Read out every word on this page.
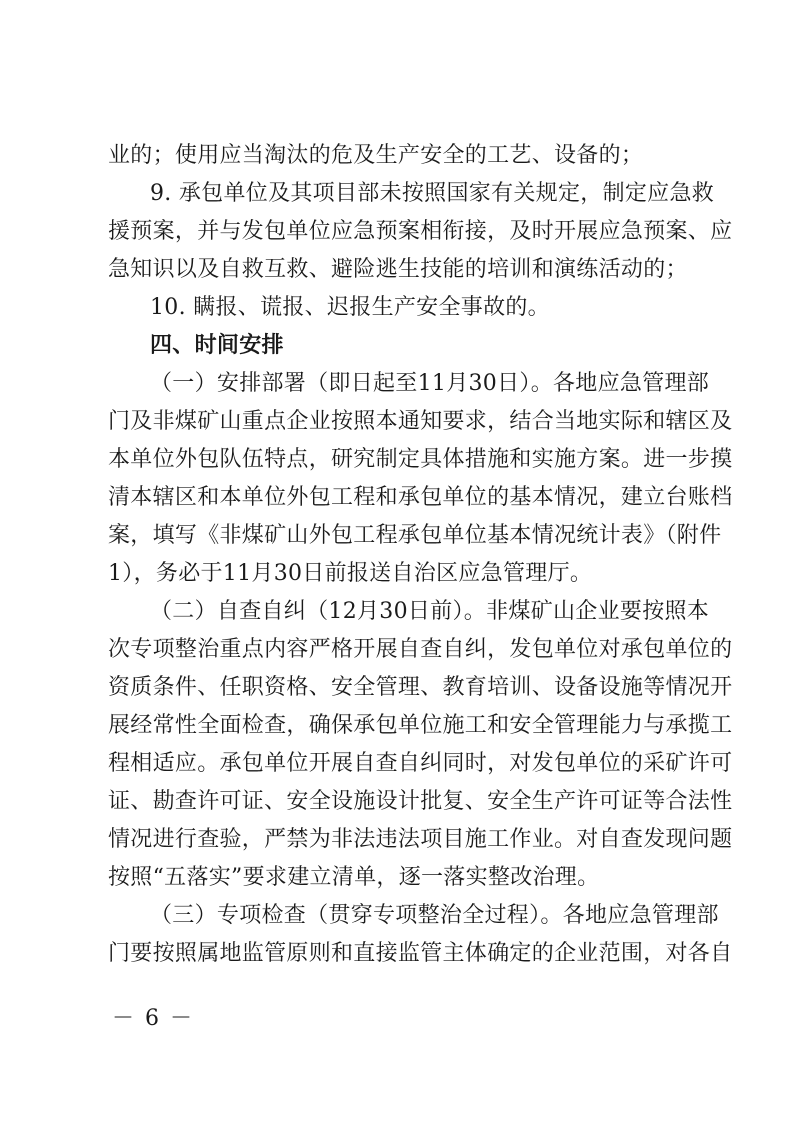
业的；使用应当淘汰的危及生产安全的工艺、设备的；
9. 承包单位及其项目部未按照国家有关规定，制定应急救
援预案，并与发包单位应急预案相衔接，及时开展应急预案、应
急知识以及自救互救、避险逃生技能的培训和演练活动的；
10. 瞒报、谎报、迟报生产安全事故的。
四、时间安排
（一）安排部署（即日起至11月30日）。各地应急管理部
门及非煤矿山重点企业按照本通知要求，结合当地实际和辖区及
本单位外包队伍特点，研究制定具体措施和实施方案。进一步摸
清本辖区和本单位外包工程和承包单位的基本情况，建立台账档
案，填写《非煤矿山外包工程承包单位基本情况统计表》（附件
1），务必于11月30日前报送自治区应急管理厅。
（二）自查自纠（12月30日前）。非煤矿山企业要按照本
次专项整治重点内容严格开展自查自纠，发包单位对承包单位的
资质条件、任职资格、安全管理、教育培训、设备设施等情况开
展经常性全面检查，确保承包单位施工和安全管理能力与承揽工
程相适应。承包单位开展自查自纠同时，对发包单位的采矿许可
证、勘查许可证、安全设施设计批复、安全生产许可证等合法性
情况进行查验，严禁为非法违法项目施工作业。对自查发现问题
按照“五落实”要求建立清单，逐一落实整改治理。
（三）专项检查（贯穿专项整治全过程）。各地应急管理部
门要按照属地监管原则和直接监管主体确定的企业范围，对各自
－ 6 －
